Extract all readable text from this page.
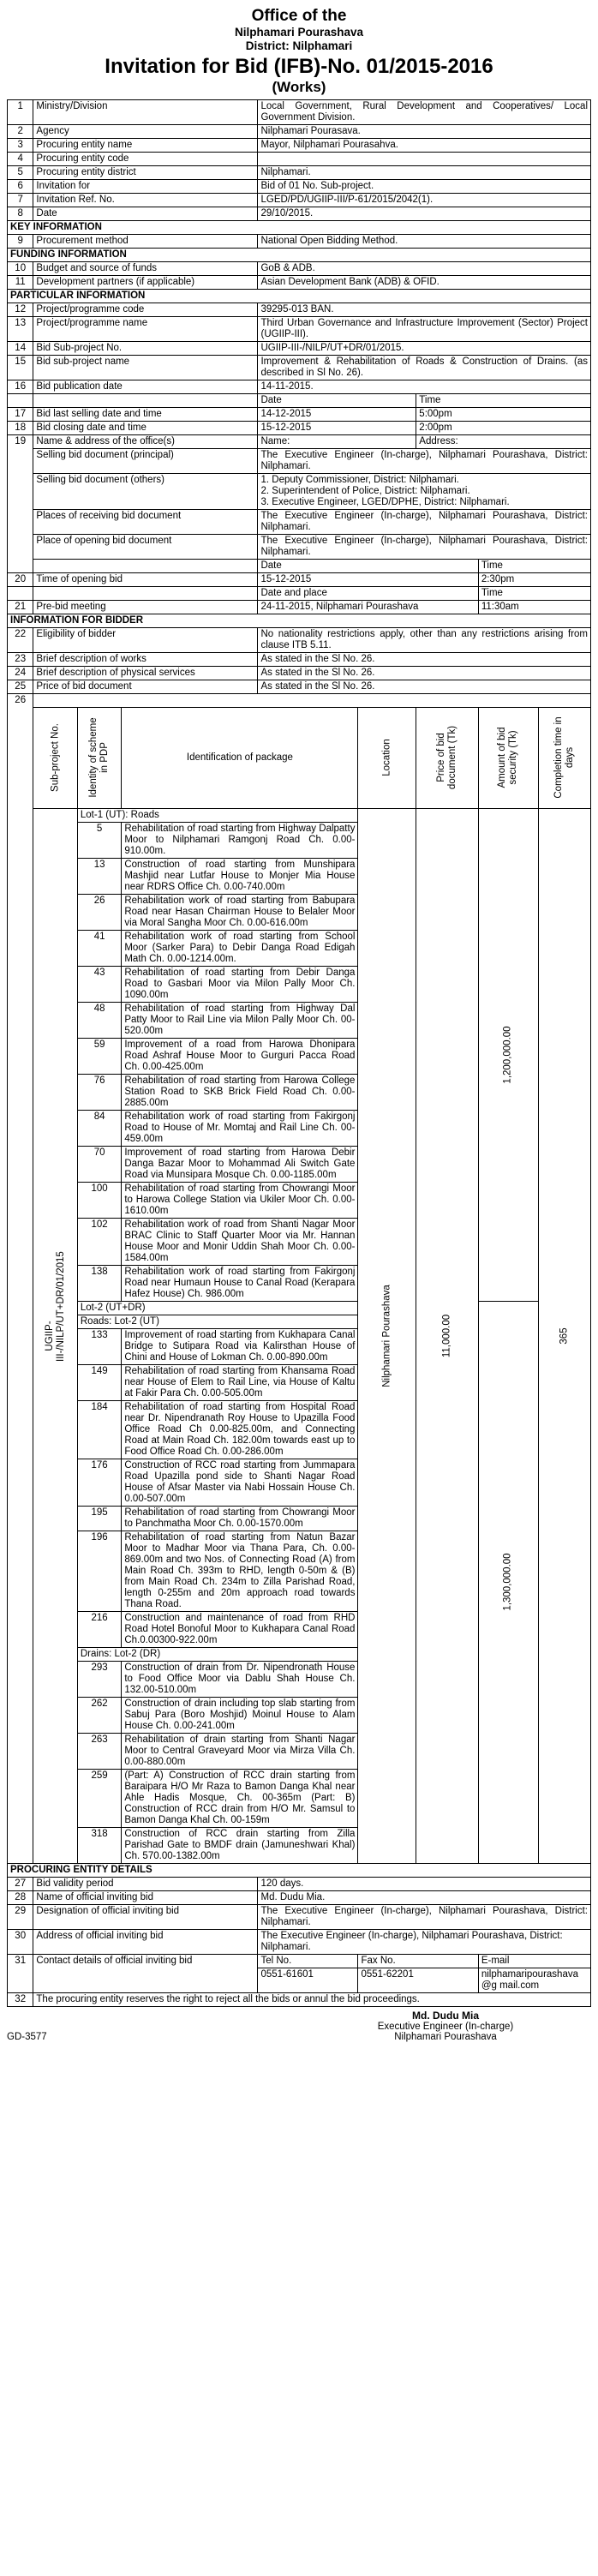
Office of the
Nilphamari Pourashava
District: Nilphamari
Invitation for Bid (IFB)-No. 01/2015-2016
(Works)
1	Ministry/Division			Local Government, Rural Development and Cooperatives/ Local Government Division.				
2	Agency			Nilphamari Pourasava.				
3	Procuring entity name			Mayor, Nilphamari Pourasahva.				
4	Procuring entity code							
5	Procuring entity district			Nilphamari.				
6	Invitation for			Bid of 01 No. Sub-project.				
7	Invitation Ref. No.			LGED/PD/UGIIP-III/P-61/2015/2042(1).				
8	Date			29/10/2015.				
KEY INFORMATION								
9	Procurement method			National Open Bidding Method.				
FUNDING INFORMATION								
10	Budget and source of funds			GoB & ADB.				
11	Development partners (if applicable)			Asian Development Bank (ADB) & OFID.				
PARTICULAR INFORMATION								
12	Project/programme code			39295-013 BAN.				
13	Project/programme name			Third Urban Governance and Infrastructure Improvement (Sector) Project (UGIIP-III).				
14	Bid Sub-project No.			UGIIP-III-/NILP/UT+DR/01/2015.				
15	Bid sub-project name			Improvement & Rehabilitation of Roads & Construction of Drains. (as described in Sl No. 26).				
16	Bid publication date			14-11-2015.				
				Date		Time		
17	Bid last selling date and time			14-12-2015		5:00pm		
18	Bid closing date and time			15-12-2015		2:00pm		
19	Name & address of the office(s)			Name:		Address:		
	Selling bid document (principal)			The Executive Engineer (In-charge), Nilphamari Pourashava, District: Nilphamari.				
	Selling bid document (others)			1. Deputy Commissioner, District: Nilphamari.
2. Superintendent of Police, District: Nilphamari.
3. Executive Engineer, LGED/DPHE, District: Nilphamari.				

	Places of receiving bid document			The Executive Engineer (In-charge), Nilphamari Pourashava, District: Nilphamari.				
	Place of opening bid document			The Executive Engineer (In-charge), Nilphamari Pourashava, District: Nilphamari.				
				Date			Time	
20	Time of opening bid			15-12-2015			2:30pm	
				Date and place			Time	
21	Pre-bid meeting			24-11-2015, Nilphamari Pourashava			11:30am	
INFORMATION FOR BIDDER								
22	Eligibility of bidder			No nationality restrictions apply, other than any restrictions arising from clause ITB 5.11.				
23	Brief description of works			As stated in the Sl No. 26.				
24	Brief description of physical services			As stated in the Sl No. 26.				
25	Price of bid document			As stated in the Sl No. 26.				
26								

	Sub-project No.	Identity of scheme in PDP	Identification of package		Location	Price of bid document (Tk)	Amount of bid security (Tk)	Completion time in days

	UGIIP-III-/NILP/UT+DR/01/2015	Lot-1 (UT): Roads			Nilphamari Pourashava	11,000.00	1,200,000.00	365

		5	Rehabilitation of road starting from Highway Dalpatty Moor to Nilphamari Ramgonj Road Ch. 0.00-910.00m.					
		13	Construction of road starting from Munshipara Mashjid near Lutfar House to Monjer Mia House near RDRS Office Ch. 0.00-740.00m					
		26	Rehabilitation work of road starting from Babupara Road near Hasan Chairman House to Belaler Moor via Moral Sangha Moor Ch. 0.00-616.00m					
		41	Rehabilitation work of road starting from School Moor (Sarker Para) to Debir Danga Road Edigah Math Ch. 0.00-1214.00m.					
		43	Rehabilitation of road starting from Debir Danga Road to Gasbari Moor via Milon Pally Moor Ch. 1090.00m					
		48	Rehabilitation of road starting from Highway Dal Patty Moor to Rail Line via Milon Pally Moor Ch. 00-520.00m					
		59	Improvement of a road from Harowa Dhonipara Road Ashraf House Moor to Gurguri Pacca Road Ch. 0.00-425.00m					
		76	Rehabilitation of road starting from Harowa College Station Road to SKB Brick Field Road Ch. 0.00-2885.00m					
		84	Rehabilitation work of road starting from Fakirgonj Road to House of Mr. Momtaj and Rail Line Ch. 00-459.00m					
		70	Improvement of road starting from Harowa Debir Danga Bazar Moor to Mohammad Ali Switch Gate Road via Munsipara Mosque Ch. 0.00-1185.00m					
		100	Rehabilitation of road starting from Chowrangi Moor to Harowa College Station via Ukiler Moor Ch. 0.00-1610.00m					
		102	Rehabilitation work of road from Shanti Nagar Moor BRAC Clinic to Staff Quarter Moor via Mr. Hannan House Moor and Monir Uddin Shah Moor Ch. 0.00-1584.00m					
		138	Rehabilitation work of road starting from Fakirgonj Road near Humaun House to Canal Road (Kerapara Hafez House) Ch. 986.00m					
		Lot-2 (UT+DR)					1,300,000.00	

		Roads: Lot-2 (UT)						
		133	Improvement of road starting from Kukhapara Canal Bridge to Sutipara Road via Kalirsthan House of Chini and House of Lokman Ch. 0.00-890.00m					
		149	Rehabilitation of road starting from Khansama Road near House of Elem to Rail Line, via House of Kaltu at Fakir Para Ch. 0.00-505.00m					
		184	Rehabilitation of road starting from Hospital Road near Dr. Nipendranath Roy House to Upazilla Food Office Road Ch 0.00-825.00m, and Connecting Road at Main Road Ch. 182.00m towards east up to Food Office Road Ch. 0.00-286.00m					
		176	Construction of RCC road starting from Jummapara Road Upazilla pond side to Shanti Nagar Road House of Afsar Master via Nabi Hossain House Ch. 0.00-507.00m					
		195	Rehabilitation of road starting from Chowrangi Moor to Panchmatha Moor Ch. 0.00-1570.00m					
		196	Rehabilitation of road starting from Natun Bazar Moor to Madhar Moor via Thana Para, Ch. 0.00-869.00m and two Nos. of Connecting Road (A) from Main Road Ch. 393m to RHD, length 0-50m & (B) from Main Road Ch. 234m to Zilla Parishad Road, length 0-255m and 20m approach road towards Thana Road.					
		216	Construction and maintenance of road from RHD Road Hotel Bonoful Moor to Kukhapara Canal Road Ch.0.00300-922.00m					
		Drains: Lot-2 (DR)						
		293	Construction of drain from Dr. Nipendronath House to Food Office Moor via Dablu Shah House Ch. 132.00-510.00m					
		262	Construction of drain including top slab starting from Sabuj Para (Boro Moshjid) Moinul House to Alam House Ch. 0.00-241.00m					
		263	Rehabilitation of drain starting from Shanti Nagar Moor to Central Graveyard Moor via Mirza Villa Ch. 0.00-880.00m					
		259	(Part: A) Construction of RCC drain starting from Baraipara H/O Mr Raza to Bamon Danga Khal near Ahle Hadis Mosque, Ch. 00-365m (Part: B) Construction of RCC drain from H/O Mr. Samsul to Bamon Danga Khal Ch. 00-159m					
		318	Construction of RCC drain starting from Zilla Parishad Gate to BMDF drain (Jamuneshwari Khal) Ch. 570.00-1382.00m					
PROCURING ENTITY DETAILS								
27	Bid validity period			120 days.				
28	Name of official inviting bid			Md. Dudu Mia.				
29	Designation of official inviting bid			The Executive Engineer (In-charge), Nilphamari Pourashava, District: Nilphamari.				
30	Address of official inviting bid			The Executive Engineer (In-charge), Nilphamari Pourashava, District: Nilphamari.				
31	Contact details of official inviting bid			Tel No.	Fax No.		E-mail	
				0551-61601	0551-62201		nilphamaripourashava@g mail.com	
32	The procuring entity reserves the right to reject all the bids or annul the bid proceedings.							
GD-3577
Md. Dudu Mia
Executive Engineer (In-charge)
Nilphamari Pourashava
